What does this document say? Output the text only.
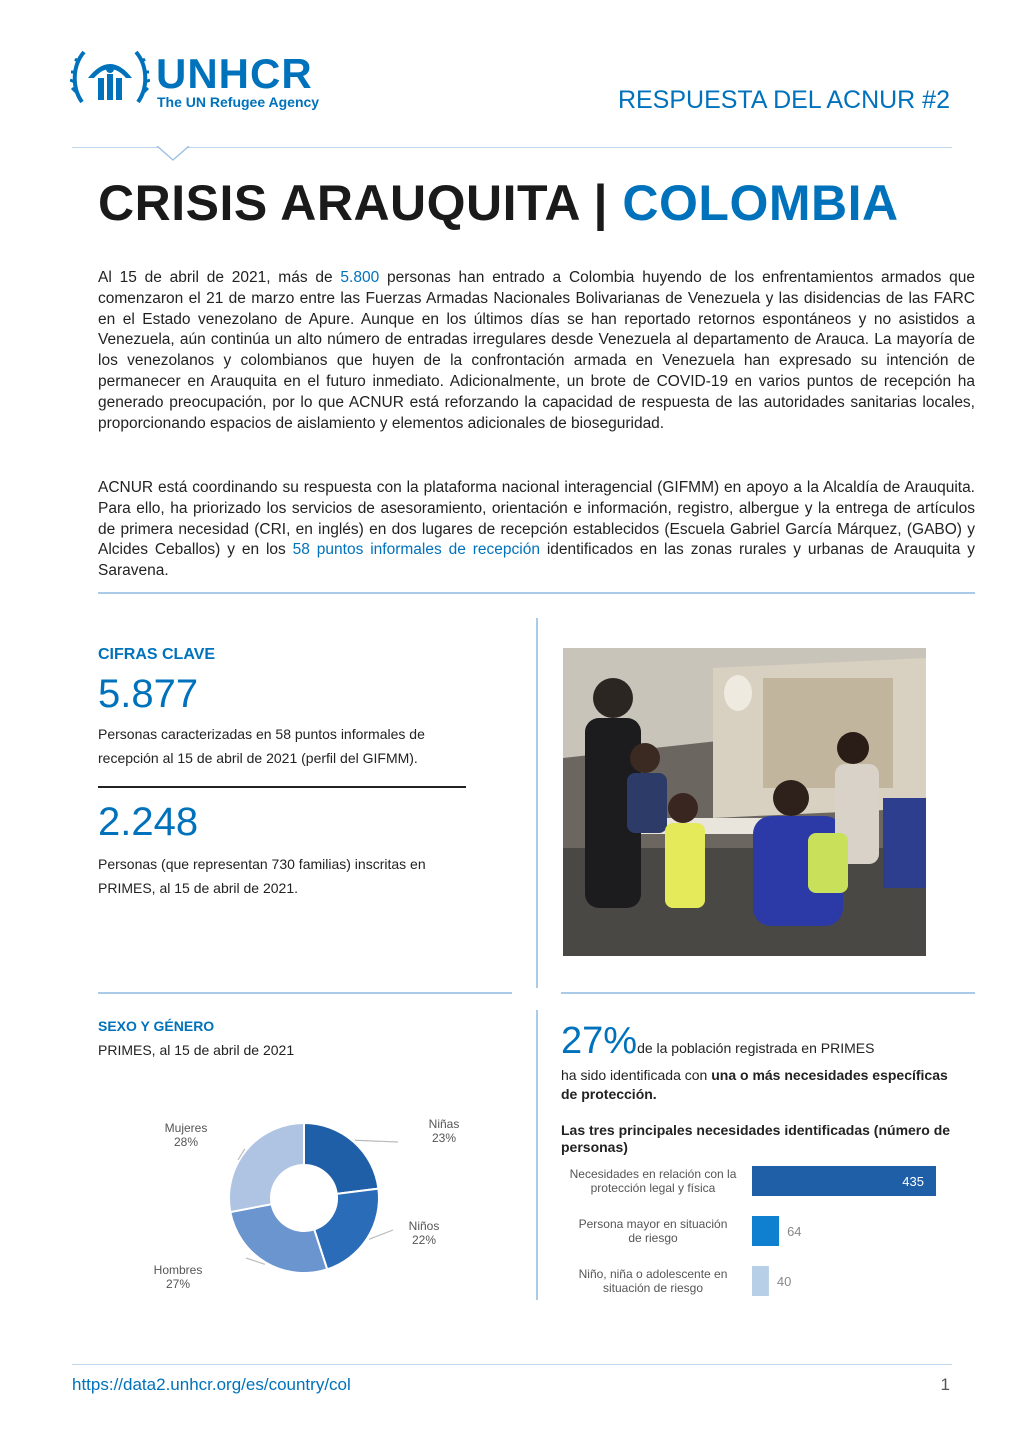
UNHCR
The UN Refugee Agency	RESPUESTA DEL ACNUR #2
CRISIS ARAUQUITA | COLOMBIA
Al 15 de abril de 2021, más de 5.800 personas han entrado a Colombia huyendo de los enfrentamientos armados que comenzaron el 21 de marzo entre las Fuerzas Armadas Nacionales Bolivarianas de Venezuela y las disidencias de las FARC en el Estado venezolano de Apure. Aunque en los últimos días se han reportado retornos espontáneos y no asistidos a Venezuela, aún continúa un alto número de entradas irregulares desde Venezuela al departamento de Arauca. La mayoría de los venezolanos y colombianos que huyen de la confrontación armada en Venezuela han expresado su intención de permanecer en Arauquita en el futuro inmediato. Adicionalmente, un brote de COVID-19 en varios puntos de recepción ha generado preocupación, por lo que ACNUR está reforzando la capacidad de respuesta de las autoridades sanitarias locales, proporcionando espacios de aislamiento y elementos adicionales de bioseguridad.
ACNUR está coordinando su respuesta con la plataforma nacional interagencial (GIFMM) en apoyo a la Alcaldía de Arauquita. Para ello, ha priorizado los servicios de asesoramiento, orientación e información, registro, albergue y la entrega de artículos de primera necesidad (CRI, en inglés) en dos lugares de recepción establecidos (Escuela Gabriel García Márquez, (GABO) y Alcides Ceballos) y en los 58 puntos informales de recepción identificados en las zonas rurales y urbanas de Arauquita y Saravena.
CIFRAS CLAVE
5.877
Personas caracterizadas en 58 puntos informales de recepción al 15 de abril de 2021 (perfil del GIFMM).
2.248
Personas (que representan 730 familias) inscritas en PRIMES, al 15 de abril de 2021.
SEXO Y GÉNERO
PRIMES, al 15 de abril de 2021
Niñas 23%
Niños 22%
Hombres 27%
Mujeres 28%
27%de la población registrada en PRIMES
ha sido identificada con una o más necesidades específicas de protección.
Las tres principales necesidades identificadas (número de personas)
Necesidades en relación con la protección legal y física	435
Persona mayor en situación de riesgo	64
Niño, niña o adolescente en situación de riesgo	40
https://data2.unhcr.org/es/country/col	1
